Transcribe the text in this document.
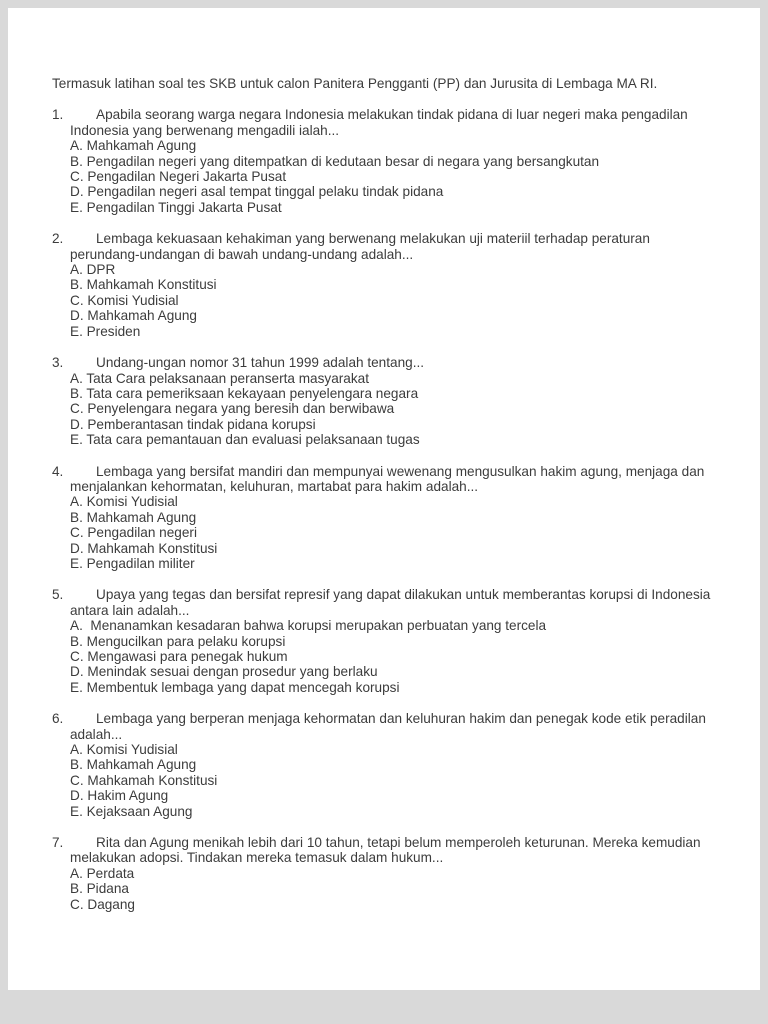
Termasuk latihan soal tes SKB untuk calon Panitera Pengganti (PP) dan Jurusita di Lembaga MA RI.

1.	Apabila seorang warga negara Indonesia melakukan tindak pidana di luar negeri maka pengadilan Indonesia yang berwenang mengadili ialah...
A. Mahkamah Agung
B. Pengadilan negeri yang ditempatkan di kedutaan besar di negara yang bersangkutan
C. Pengadilan Negeri Jakarta Pusat
D. Pengadilan negeri asal tempat tinggal pelaku tindak pidana
E. Pengadilan Tinggi Jakarta Pusat
2.	Lembaga kekuasaan kehakiman yang berwenang melakukan uji materiil terhadap peraturan perundang-undangan di bawah undang-undang adalah...
A. DPR
B. Mahkamah Konstitusi
C. Komisi Yudisial
D. Mahkamah Agung
E. Presiden
3.	Undang-ungan nomor 31 tahun 1999 adalah tentang...
A. Tata Cara pelaksanaan peranserta masyarakat
B. Tata cara pemeriksaan kekayaan penyelengara negara
C. Penyelengara negara yang beresih dan berwibawa
D. Pemberantasan tindak pidana korupsi
E. Tata cara pemantauan dan evaluasi pelaksanaan tugas
4.	Lembaga yang bersifat mandiri dan mempunyai wewenang mengusulkan hakim agung, menjaga dan menjalankan kehormatan, keluhuran, martabat para hakim adalah...
A. Komisi Yudisial
B. Mahkamah Agung
C. Pengadilan negeri
D. Mahkamah Konstitusi
E. Pengadilan militer
5.	Upaya yang tegas dan bersifat represif yang dapat dilakukan untuk memberantas korupsi di Indonesia antara lain adalah...
A.  Menanamkan kesadaran bahwa korupsi merupakan perbuatan yang tercela
B. Mengucilkan para pelaku korupsi
C. Mengawasi para penegak hukum
D. Menindak sesuai dengan prosedur yang berlaku
E. Membentuk lembaga yang dapat mencegah korupsi
6.	Lembaga yang berperan menjaga kehormatan dan keluhuran hakim dan penegak kode etik peradilan adalah...
A. Komisi Yudisial
B. Mahkamah Agung
C. Mahkamah Konstitusi
D. Hakim Agung
E. Kejaksaan Agung
7.	Rita dan Agung menikah lebih dari 10 tahun, tetapi belum memperoleh keturunan. Mereka kemudian melakukan adopsi. Tindakan mereka temasuk dalam hukum...
A. Perdata
B. Pidana
C. Dagang
